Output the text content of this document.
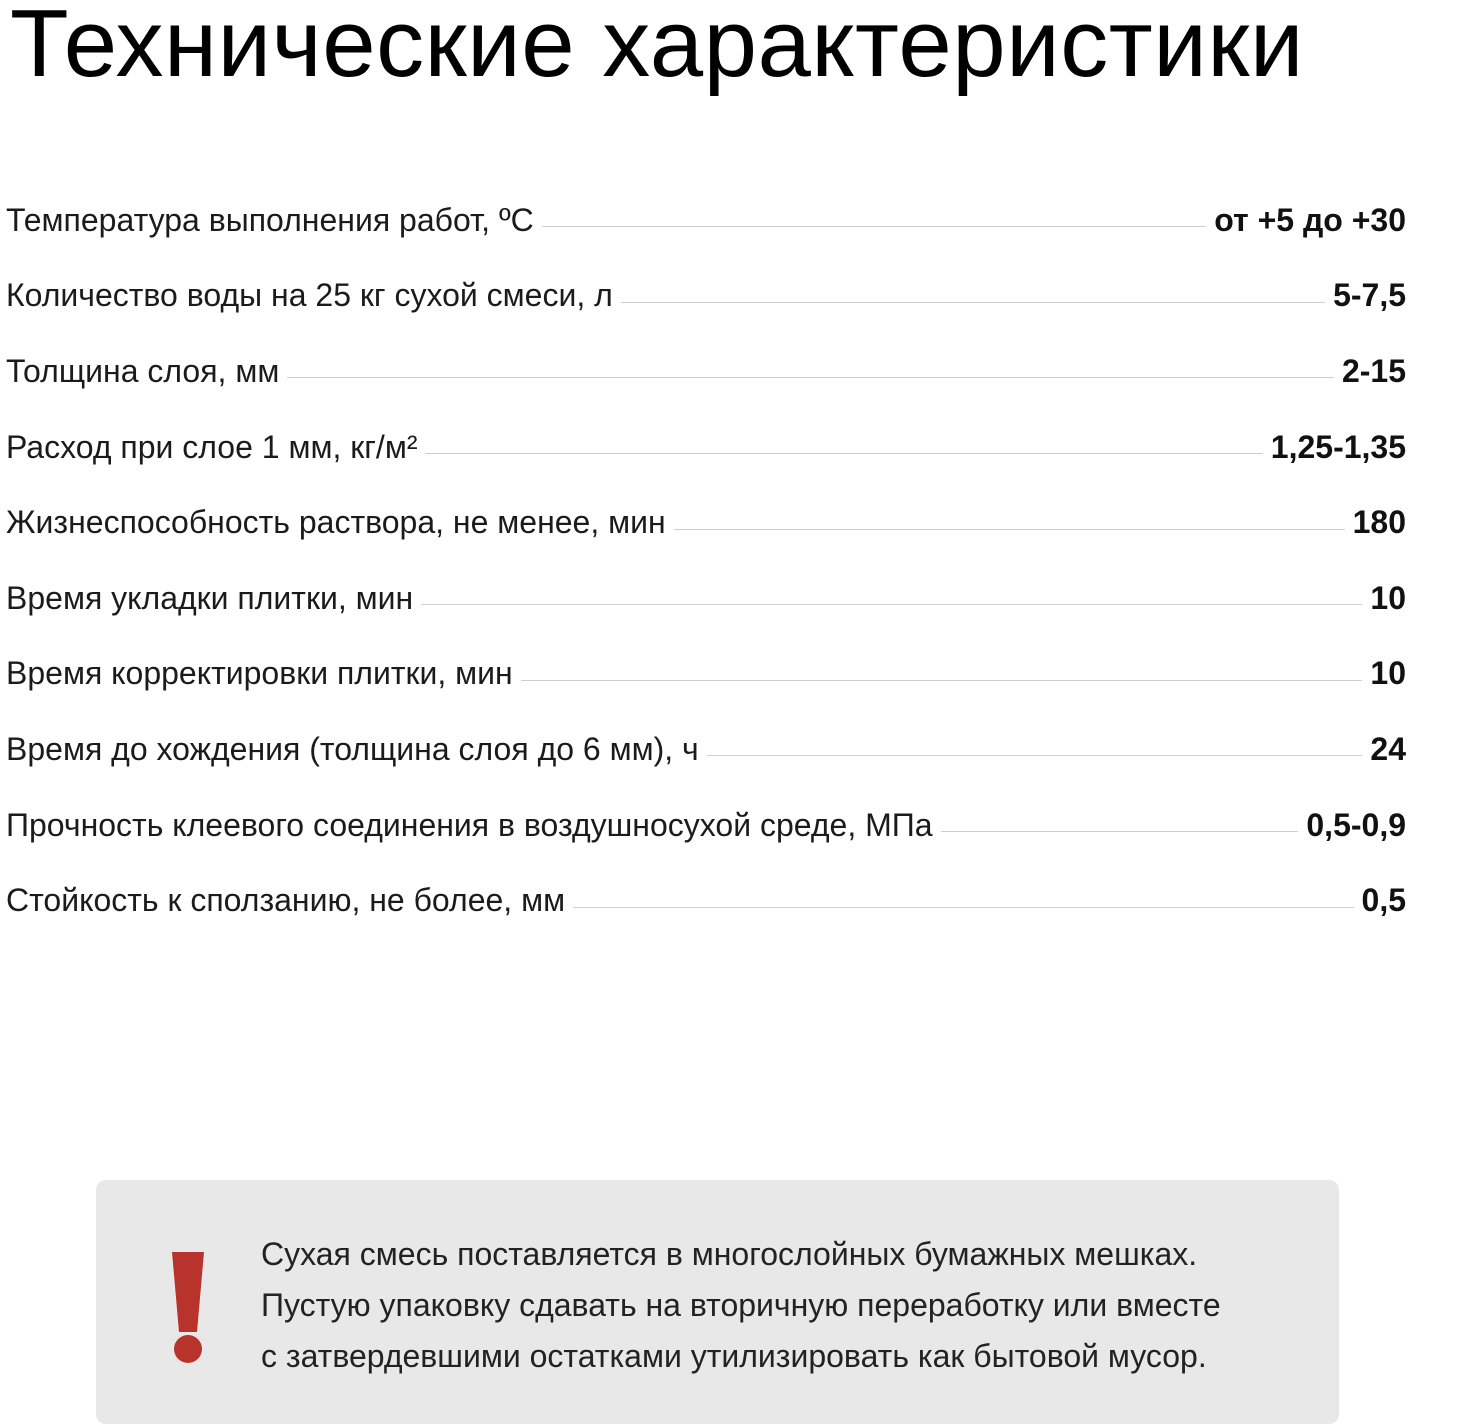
Технические характеристики
Температура выполнения работ, ºС	от +5 до +30
Количество воды на 25 кг сухой смеси, л	5-7,5
Толщина слоя, мм	2-15
Расход при слое 1 мм, кг/м²	1,25-1,35
Жизнеспособность раствора, не менее, мин	180
Время укладки плитки, мин	10
Время корректировки плитки, мин	10
Время до хождения (толщина слоя до 6 мм), ч	24
Прочность клеевого соединения в воздушносухой среде, МПа	0,5-0,9
Стойкость к сползанию, не более, мм	0,5
Сухая смесь поставляется в многослойных бумажных мешках.
Пустую упаковку сдавать на вторичную переработку или вместе
с затвердевшими остатками утилизировать как бытовой мусор.
